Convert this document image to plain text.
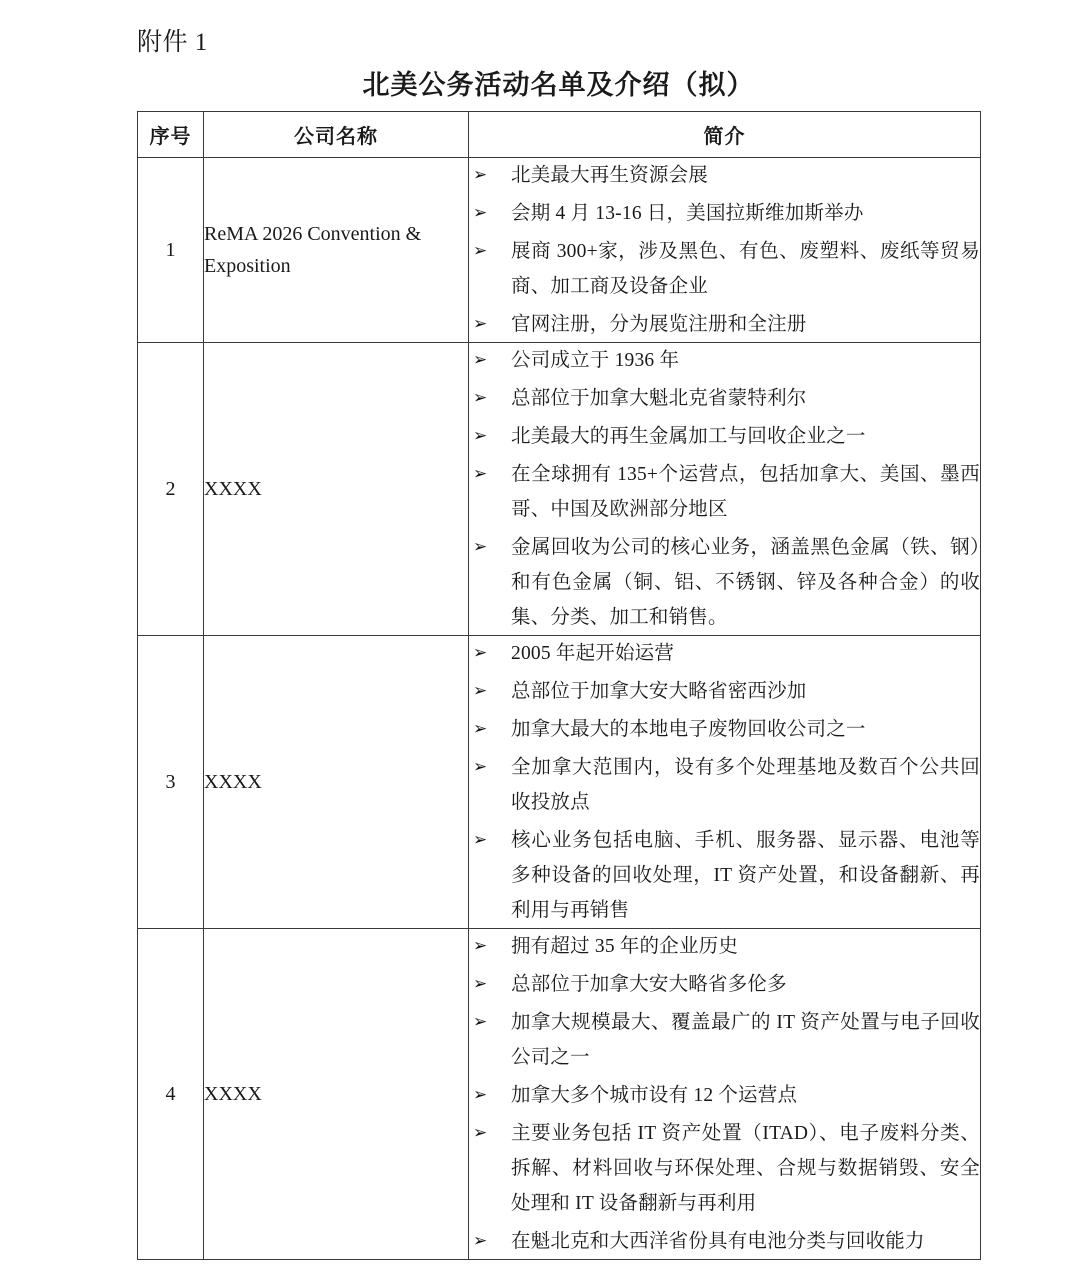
附件 1
北美公务活动名单及介绍（拟）
序号	公司名称	简介
1	ReMA 2026 Convention & Exposition	
➢	北美最大再生资源会展
➢	会期 4 月 13-16 日，美国拉斯维加斯举办
➢	展商 300+家，涉及黑色、有色、废塑料、废纸等贸易商、加工商及设备企业
➢	官网注册，分为展览注册和全注册

2	XXXX	
➢	公司成立于 1936 年
➢	总部位于加拿大魁北克省蒙特利尔
➢	北美最大的再生金属加工与回收企业之一
➢	在全球拥有 135+个运营点，包括加拿大、美国、墨西哥、中国及欧洲部分地区
➢	金属回收为公司的核心业务，涵盖黑色金属（铁、钢）和有色金属（铜、铝、不锈钢、锌及各种合金）的收集、分类、加工和销售。

3	XXXX	
➢	2005 年起开始运营
➢	总部位于加拿大安大略省密西沙加
➢	加拿大最大的本地电子废物回收公司之一
➢	全加拿大范围内，设有多个处理基地及数百个公共回收投放点
➢	核心业务包括电脑、手机、服务器、显示器、电池等多种设备的回收处理，IT 资产处置，和设备翻新、再利用与再销售

4	XXXX	
➢	拥有超过 35 年的企业历史
➢	总部位于加拿大安大略省多伦多
➢	加拿大规模最大、覆盖最广的 IT 资产处置与电子回收公司之一
➢	加拿大多个城市设有 12 个运营点
➢	主要业务包括 IT 资产处置（ITAD）、电子废料分类、拆解、材料回收与环保处理、合规与数据销毁、安全处理和 IT 设备翻新与再利用
➢	在魁北克和大西洋省份具有电池分类与回收能力
